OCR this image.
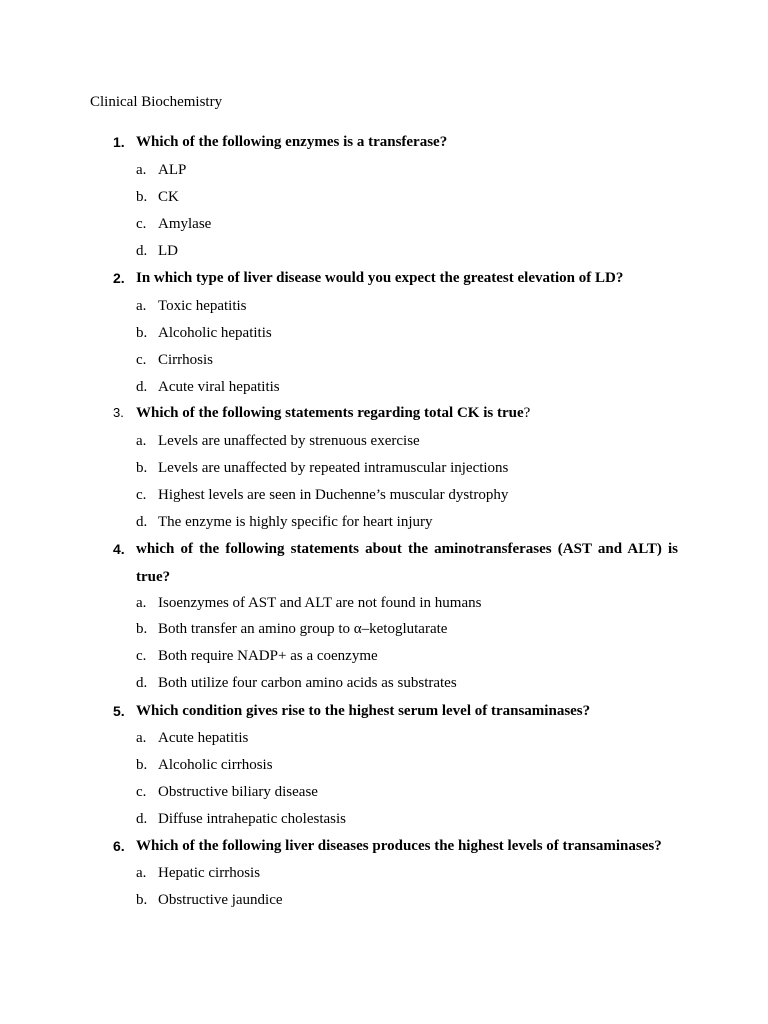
Clinical Biochemistry
1. Which of the following enzymes is a transferase?
a. ALP
b. CK
c. Amylase
d. LD
2. In which type of liver disease would you expect the greatest elevation of LD?
a. Toxic hepatitis
b. Alcoholic hepatitis
c. Cirrhosis
d. Acute viral hepatitis
3. Which of the following statements regarding total CK is true?
a. Levels are unaffected by strenuous exercise
b. Levels are unaffected by repeated intramuscular injections
c. Highest levels are seen in Duchenne’s muscular dystrophy
d. The enzyme is highly specific for heart injury
4. which of the following statements about the aminotransferases (AST and ALT) is true?
a. Isoenzymes of AST and ALT are not found in humans
b. Both transfer an amino group to α–ketoglutarate
c. Both require NADP+ as a coenzyme
d. Both utilize four carbon amino acids as substrates
5. Which condition gives rise to the highest serum level of transaminases?
a. Acute hepatitis
b. Alcoholic cirrhosis
c. Obstructive biliary disease
d. Diffuse intrahepatic cholestasis
6. Which of the following liver diseases produces the highest levels of transaminases?
a. Hepatic cirrhosis
b. Obstructive jaundice
